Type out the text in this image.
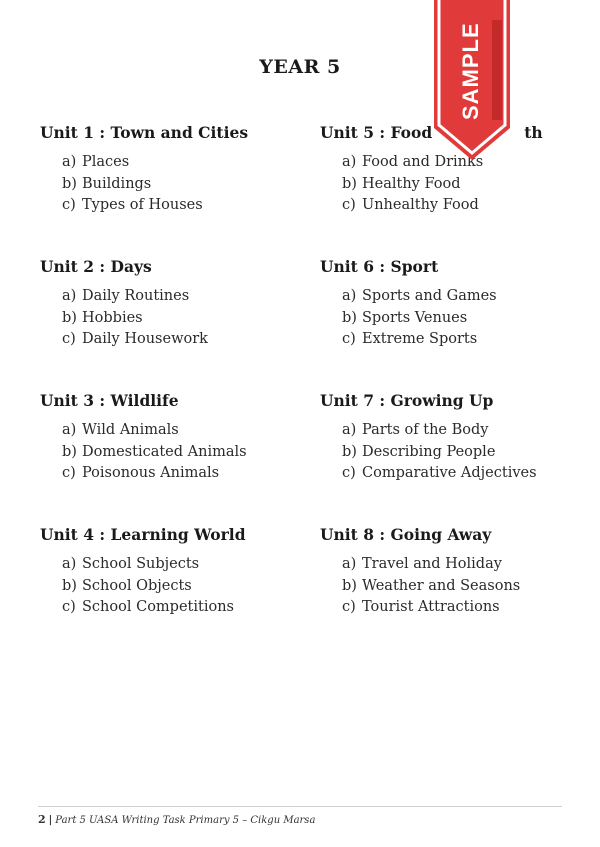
YEAR 5
Unit 1 : Town and Cities
a) Places
b) Buildings
c) Types of Houses
Unit 2 : Days
a) Daily Routines
b) Hobbies
c) Daily Housework
Unit 3 : Wildlife
a) Wild Animals
b) Domesticated Animals
c) Poisonous Animals
Unit 4 : Learning World
a) School Subjects
b) School Objects
c) School Competitions
Unit 5 : Food	th
a) Food and Drinks
b) Healthy Food
c) Unhealthy Food
Unit 6 : Sport
a) Sports and Games
b) Sports Venues
c) Extreme Sports
Unit 7 : Growing Up
a) Parts of the Body
b) Describing People
c) Comparative Adjectives
Unit 8 : Going Away
a) Travel and Holiday
b) Weather and Seasons
c) Tourist Attractions
SAMPLE
2 | Part 5 UASA Writing Task Primary 5 – Cikgu Marsa
